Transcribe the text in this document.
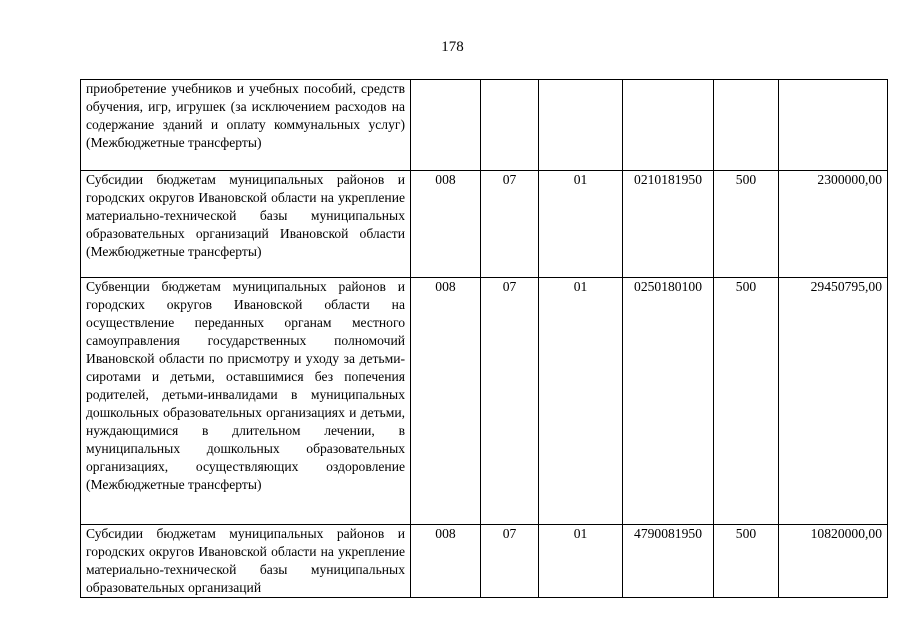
178
приобретение учебников и учебных пособий, средств обучения, игр, игрушек (за исключением расходов на содержание зданий и оплату коммунальных услуг) (Межбюджетные трансферты)						

Субсидии бюджетам муниципальных районов и городских округов Ивановской области на укрепление материально-технической базы муниципальных образовательных организаций Ивановской области (Межбюджетные трансферты)	008	07	01	0210181950	500	2300000,00

Субвенции бюджетам муниципальных районов и городских округов Ивановской области на осуществление переданных органам местного самоуправления государственных полномочий Ивановской области по присмотру и уходу за детьми-сиротами и детьми, оставшимися без попечения родителей, детьми-инвалидами в муниципальных дошкольных образовательных организациях и детьми, нуждающимися в длительном лечении, в муниципальных дошкольных образовательных организациях, осуществляющих оздоровление (Межбюджетные трансферты)	008	07	01	0250180100	500	29450795,00

Субсидии бюджетам муниципальных районов и городских округов Ивановской области на укрепление материально-технической базы муниципальных образовательных организаций	008	07	01	4790081950	500	10820000,00
